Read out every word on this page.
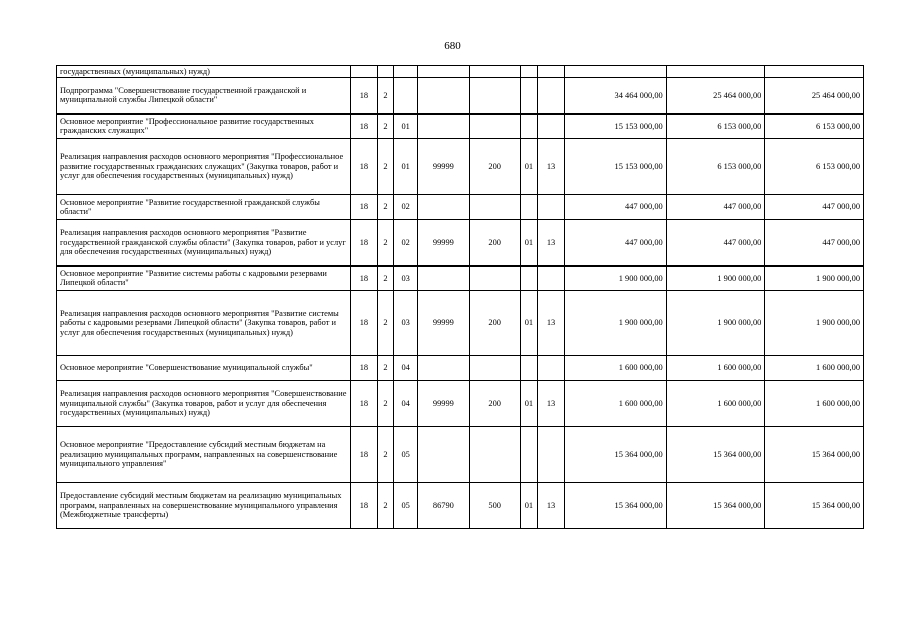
680
государственных (муниципальных) нужд)										
Подпрограмма "Совершенствование государственной гражданской и муниципальной службы Липецкой области"	18	2						34 464 000,00	25 464 000,00	25 464 000,00
Основное мероприятие "Профессиональное развитие государственных гражданских служащих"	18	2	01					15 153 000,00	6 153 000,00	6 153 000,00
Реализация направления расходов основного мероприятия "Профессиональное развитие государственных гражданских служащих" (Закупка товаров, работ и услуг для обеспечения государственных (муниципальных) нужд)	18	2	01	99999	200	01	13	15 153 000,00	6 153 000,00	6 153 000,00
Основное мероприятие "Развитие государственной гражданской службы области"	18	2	02					447 000,00	447 000,00	447 000,00
Реализация направления расходов основного мероприятия "Развитие государственной гражданской службы области" (Закупка товаров, работ и услуг для обеспечения государственных (муниципальных) нужд)	18	2	02	99999	200	01	13	447 000,00	447 000,00	447 000,00
Основное мероприятие "Развитие системы работы с кадровыми резервами Липецкой области"	18	2	03					1 900 000,00	1 900 000,00	1 900 000,00
Реализация направления расходов основного мероприятия "Развитие системы работы с кадровыми резервами Липецкой области" (Закупка товаров, работ и услуг для обеспечения государственных (муниципальных) нужд)	18	2	03	99999	200	01	13	1 900 000,00	1 900 000,00	1 900 000,00
Основное мероприятие "Совершенствование муниципальной службы"	18	2	04					1 600 000,00	1 600 000,00	1 600 000,00
Реализация направления расходов основного мероприятия "Совершенствование муниципальной службы" (Закупка товаров, работ и услуг для обеспечения государственных (муниципальных) нужд)	18	2	04	99999	200	01	13	1 600 000,00	1 600 000,00	1 600 000,00
Основное мероприятие "Предоставление субсидий местным бюджетам на реализацию муниципальных программ, направленных на совершенствование муниципального управления"	18	2	05					15 364 000,00	15 364 000,00	15 364 000,00
Предоставление субсидий местным бюджетам на реализацию муниципальных программ, направленных на совершенствование муниципального управления (Межбюджетные трансферты)	18	2	05	86790	500	01	13	15 364 000,00	15 364 000,00	15 364 000,00
